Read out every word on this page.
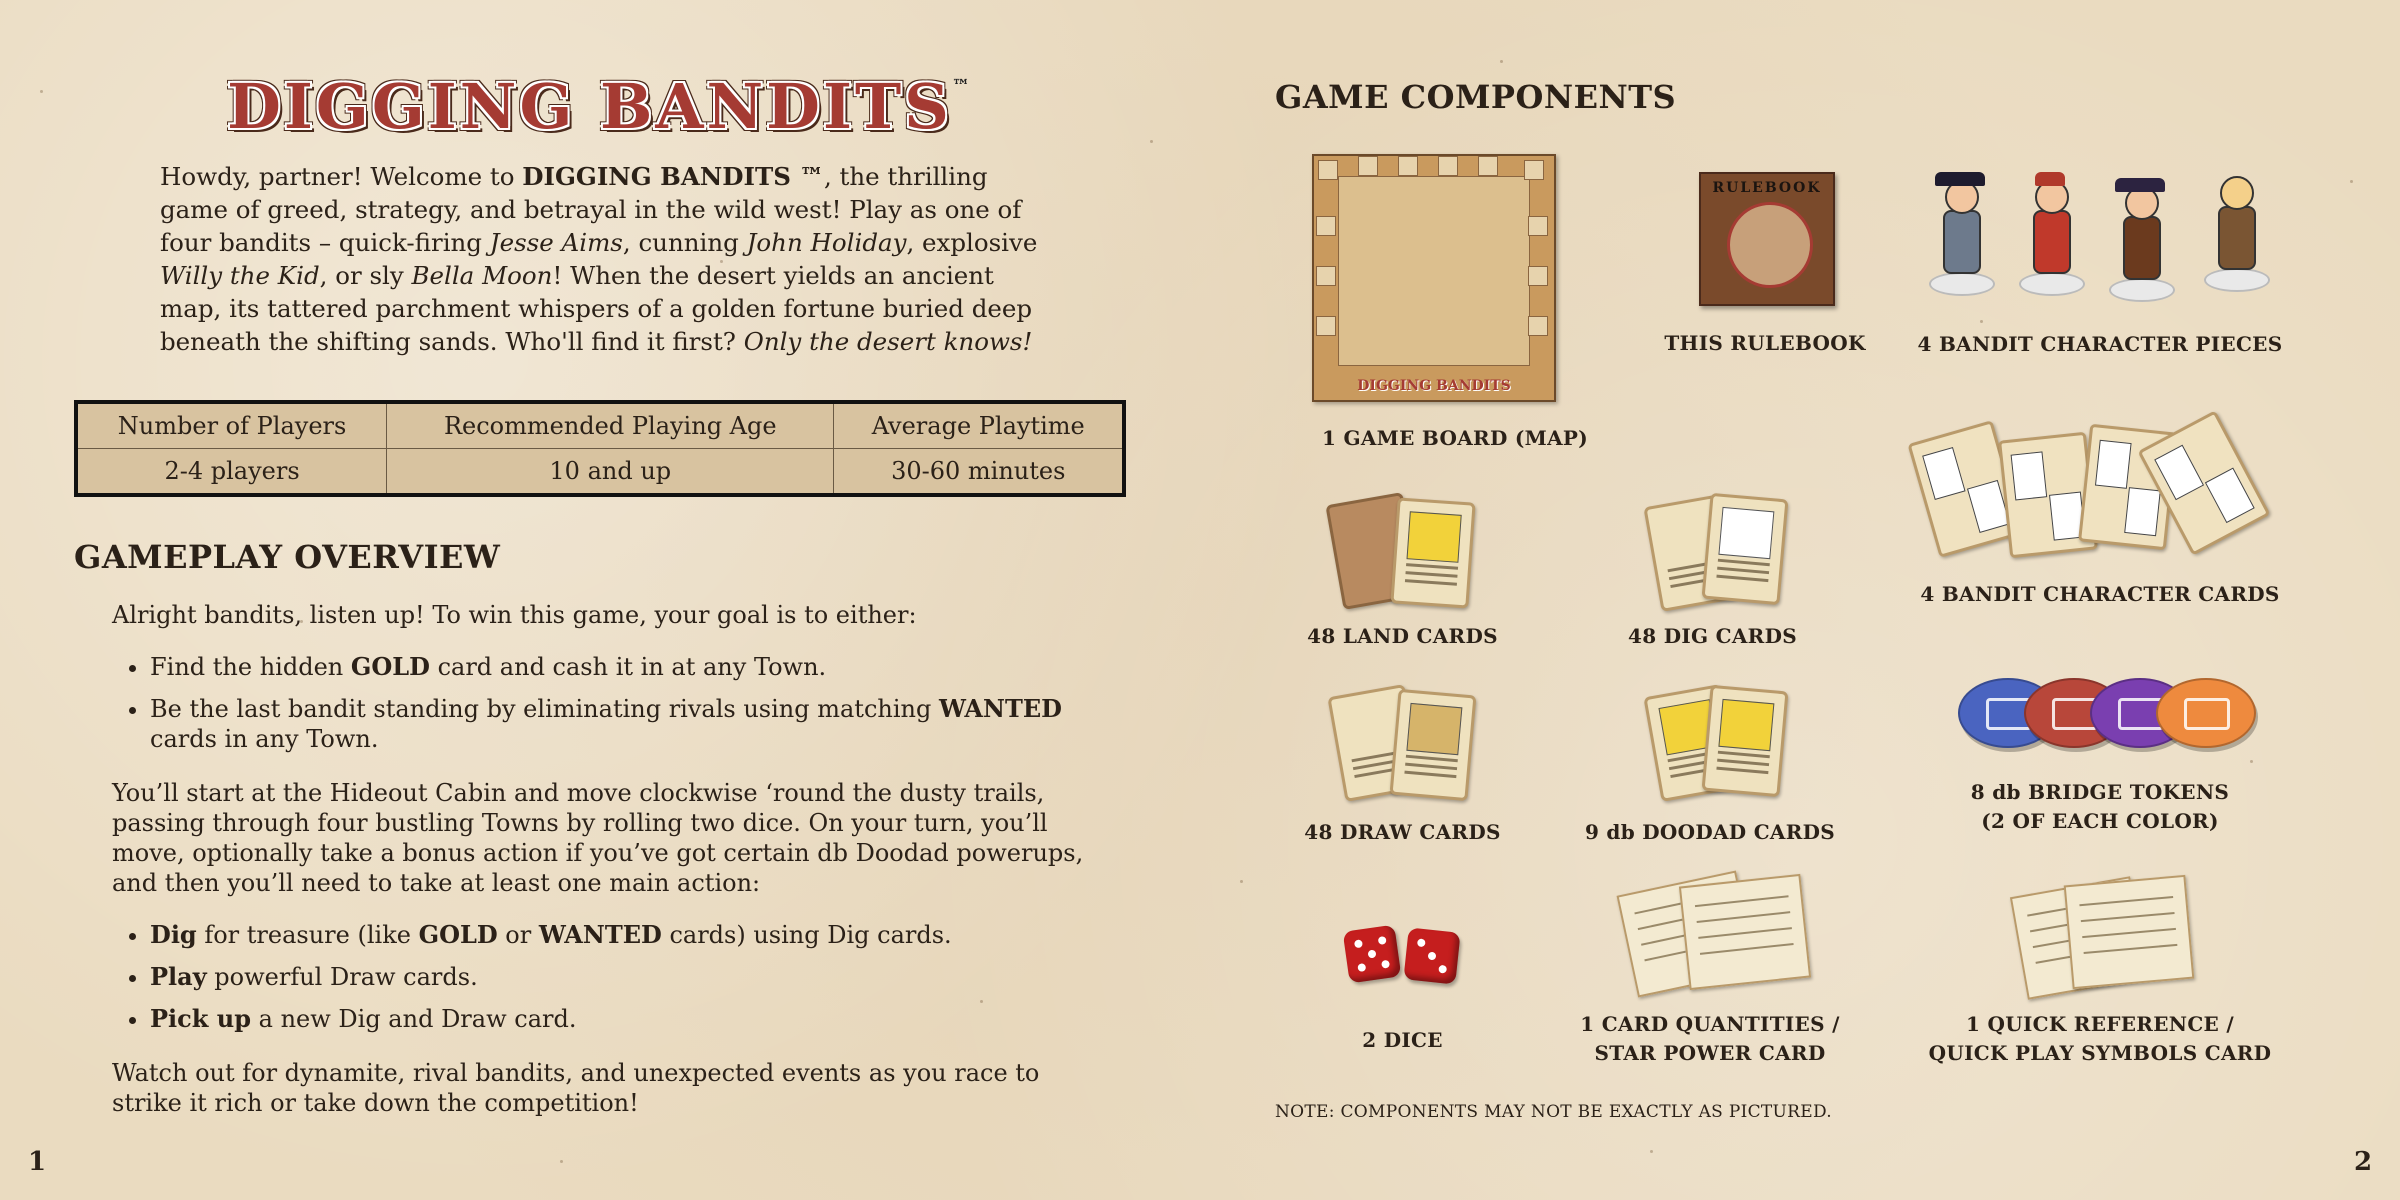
DIGGING BANDITS™
Howdy, partner! Welcome to DIGGING BANDITS ™, the thrilling game of greed, strategy, and betrayal in the wild west! Play as one of four bandits – quick-firing Jesse Aims, cunning John Holiday, explosive Willy the Kid, or sly Bella Moon! When the desert yields an ancient map, its tattered parchment whispers of a golden fortune buried deep beneath the shifting sands. Who'll find it first? Only the desert knows!
Number of Players	Recommended Playing Age	Average Playtime
2-4 players	10 and up	30-60 minutes
GAMEPLAY OVERVIEW

Alright bandits, listen up! To win this game, your goal is to either:

• Find the hidden GOLD card and cash it in at any Town.
• Be the last bandit standing by eliminating rivals using matching WANTED cards in any Town.

You’ll start at the Hideout Cabin and move clockwise ‘round the dusty trails, passing through four bustling Towns by rolling two dice. On your turn, you’ll move, optionally take a bonus action if you’ve got certain db Doodad powerups, and then you’ll need to take at least one main action:

• Dig for treasure (like GOLD or WANTED cards) using Dig cards.
• Play powerful Draw cards.
• Pick up a new Dig and Draw card.

Watch out for dynamite, rival bandits, and unexpected events as you race to strike it rich or take down the competition!

1
GAME COMPONENTS
DIGGING BANDITS
1 GAME BOARD (MAP)
RULEBOOK
THIS RULEBOOK	4 BANDIT CHARACTER PIECES
48 LAND CARDS	48 DIG CARDS
4 BANDIT CHARACTER CARDS
48 DRAW CARDS	9 db DOODAD CARDS
8 db BRIDGE TOKENS
(2 OF EACH COLOR)
2 DICE
1 CARD QUANTITIES /
STAR POWER CARD
1 QUICK REFERENCE /
QUICK PLAY SYMBOLS CARD
NOTE: COMPONENTS MAY NOT BE EXACTLY AS PICTURED.
2
